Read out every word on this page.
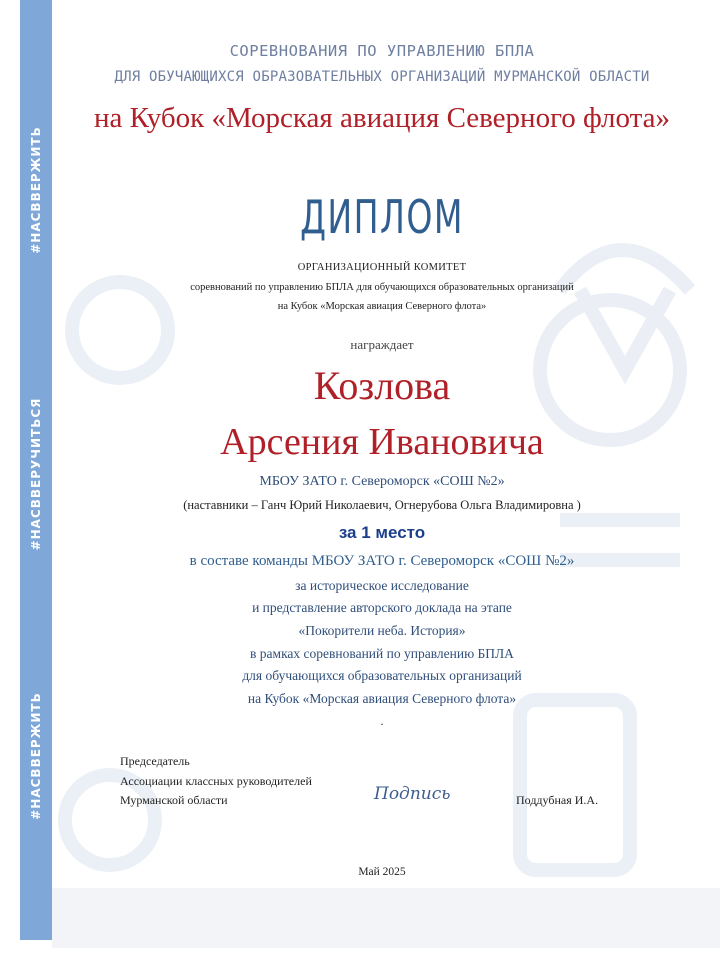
#НАСВВЕРЖИТЬ
#НАСВВЕРУЧИТЬСЯ
#НАСВВЕРЖИТЬ
СОРЕВНОВАНИЯ ПО УПРАВЛЕНИЮ БПЛА
ДЛЯ ОБУЧАЮЩИХСЯ ОБРАЗОВАТЕЛЬНЫХ ОРГАНИЗАЦИЙ МУРМАНСКОЙ ОБЛАСТИ
на Кубок «Морская авиация Северного флота»
ДИПЛОМ
ОРГАНИЗАЦИОННЫЙ КОМИТЕТ
соревнований по управлению БПЛА для обучающихся образовательных организаций
на Кубок «Морская авиация Северного флота»
награждает
Козлова
Арсения Ивановича
МБОУ ЗАТО г. Североморск «СОШ №2»
(наставники – Ганч Юрий Николаевич, Огнерубова Ольга Владимировна )
за 1 место
в составе команды МБОУ ЗАТО г. Североморск «СОШ №2»
за историческое исследование
и представление авторского доклада на этапе
«Покорители неба. История»
в рамках соревнований по управлению БПЛА
для обучающихся образовательных организаций
на Кубок «Морская авиация Северного флота»
.
Председатель
Ассоциации классных руководителей
Мурманской области	Подпись	Поддубная И.А.
Май 2025
